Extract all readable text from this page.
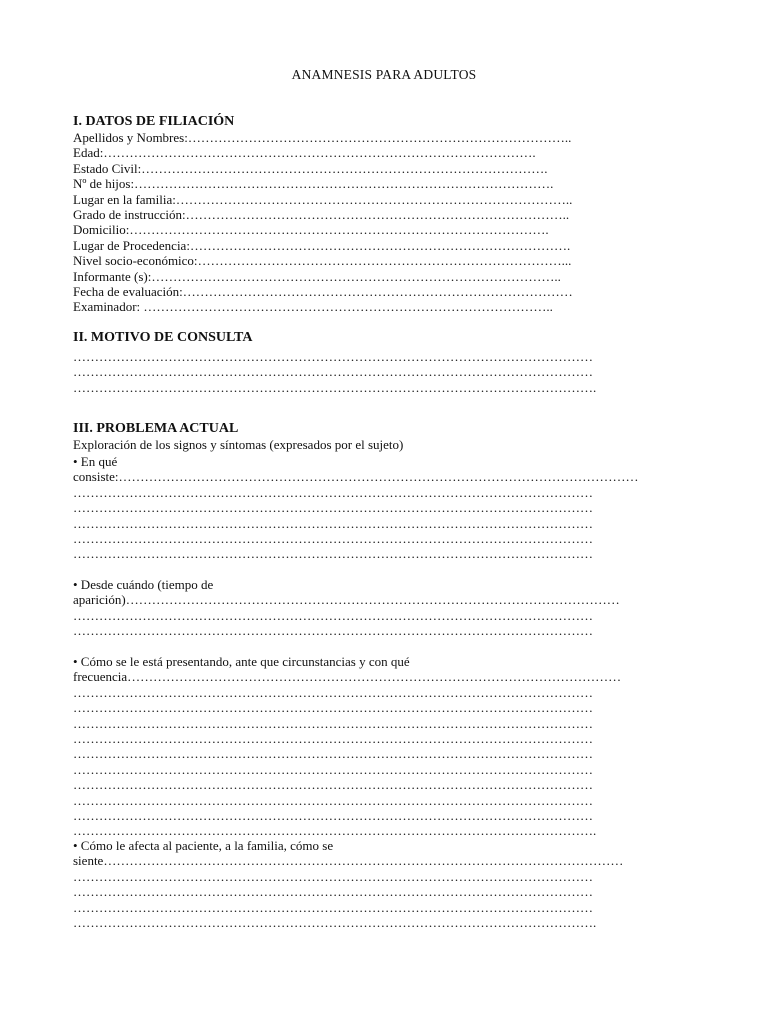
ANAMNESIS PARA ADULTOS
I. DATOS DE FILIACIÓN
Apellidos y Nombres:……………………………………………………………………………..
Edad:……………………………………………………………………………………….
Estado Civil:………………………………………………………………………………….
Nº de hijos:…………………………………………………………………………………….
Lugar en la familia:………………………………………………………………………………..
Grado de instrucción:……………………………………………………………………………..
Domicilio:…………………………………………………………………………………….
Lugar de Procedencia:…………………………………………………………………………….
Nivel socio-económico:…………………………………………………………………………...
Informante (s):…………………………………………………………………………………..
Fecha de evaluación:………………………………………………………………………………
Examinador: …………………………………………………………………………………..
II. MOTIVO DE CONSULTA
…………………………………………………………………………………………………………
…………………………………………………………………………………………………………
………………………………………………………………………………………………………….
III. PROBLEMA ACTUAL
Exploración de los signos y síntomas (expresados por el sujeto)
• En qué
consiste:…………………………………………………………………………………………………………
…………………………………………………………………………………………………………
…………………………………………………………………………………………………………
…………………………………………………………………………………………………………
…………………………………………………………………………………………………………
…………………………………………………………………………………………………………
• Desde cuándo (tiempo de
aparición)……………………………………………………………………………………………………
…………………………………………………………………………………………………………
…………………………………………………………………………………………………………
• Cómo se le está presentando, ante que circunstancias y con qué
frecuencia……………………………………………………………………………………………………
…………………………………………………………………………………………………………
…………………………………………………………………………………………………………
…………………………………………………………………………………………………………
…………………………………………………………………………………………………………
…………………………………………………………………………………………………………
…………………………………………………………………………………………………………
…………………………………………………………………………………………………………
…………………………………………………………………………………………………………
…………………………………………………………………………………………………………
………………………………………………………………………………………………………….
• Cómo le afecta al paciente, a la familia, cómo se
siente…………………………………………………………………………………………………………
…………………………………………………………………………………………………………
…………………………………………………………………………………………………………
…………………………………………………………………………………………………………
………………………………………………………………………………………………………….
